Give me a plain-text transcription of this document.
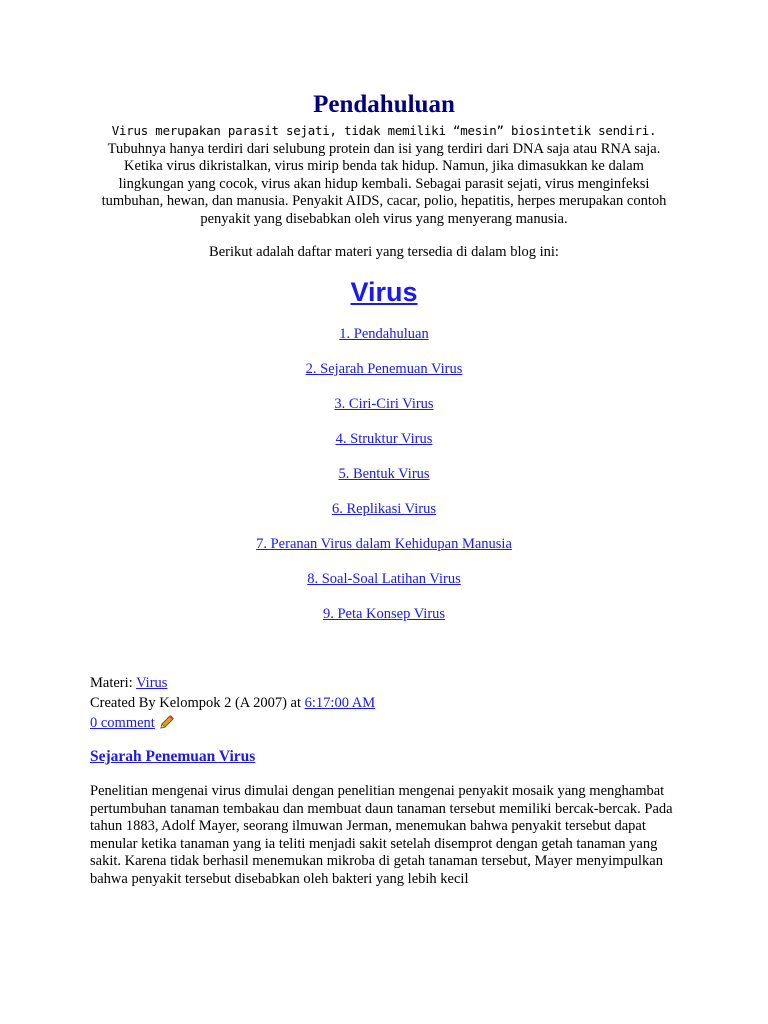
Pendahuluan

Virus merupakan parasit sejati, tidak memiliki “mesin” biosintetik sendiri. Tubuhnya hanya terdiri dari selubung protein dan isi yang terdiri dari DNA saja atau RNA saja. Ketika virus dikristalkan, virus mirip benda tak hidup. Namun, jika dimasukkan ke dalam lingkungan yang cocok, virus akan hidup kembali. Sebagai parasit sejati, virus menginfeksi tumbuhan, hewan, dan manusia. Penyakit AIDS, cacar, polio, hepatitis, herpes merupakan contoh penyakit yang disebabkan oleh virus yang menyerang manusia.

Berikut adalah daftar materi yang tersedia di dalam blog ini:
Virus
1. Pendahuluan
2. Sejarah Penemuan Virus
3. Ciri-Ciri Virus
4. Struktur Virus
5. Bentuk Virus
6. Replikasi Virus
7. Peranan Virus dalam Kehidupan Manusia
8. Soal-Soal Latihan Virus
9. Peta Konsep Virus
Materi: Virus
Created By Kelompok 2 (A 2007) at 6:17:00 AM
0 comment
Sejarah Penemuan Virus

Penelitian mengenai virus dimulai dengan penelitian mengenai penyakit mosaik yang menghambat pertumbuhan tanaman tembakau dan membuat daun tanaman tersebut memiliki bercak-bercak. Pada tahun 1883, Adolf Mayer, seorang ilmuwan Jerman, menemukan bahwa penyakit tersebut dapat menular ketika tanaman yang ia teliti menjadi sakit setelah disemprot dengan getah tanaman yang sakit. Karena tidak berhasil menemukan mikroba di getah tanaman tersebut, Mayer menyimpulkan bahwa penyakit tersebut disebabkan oleh bakteri yang lebih kecil
